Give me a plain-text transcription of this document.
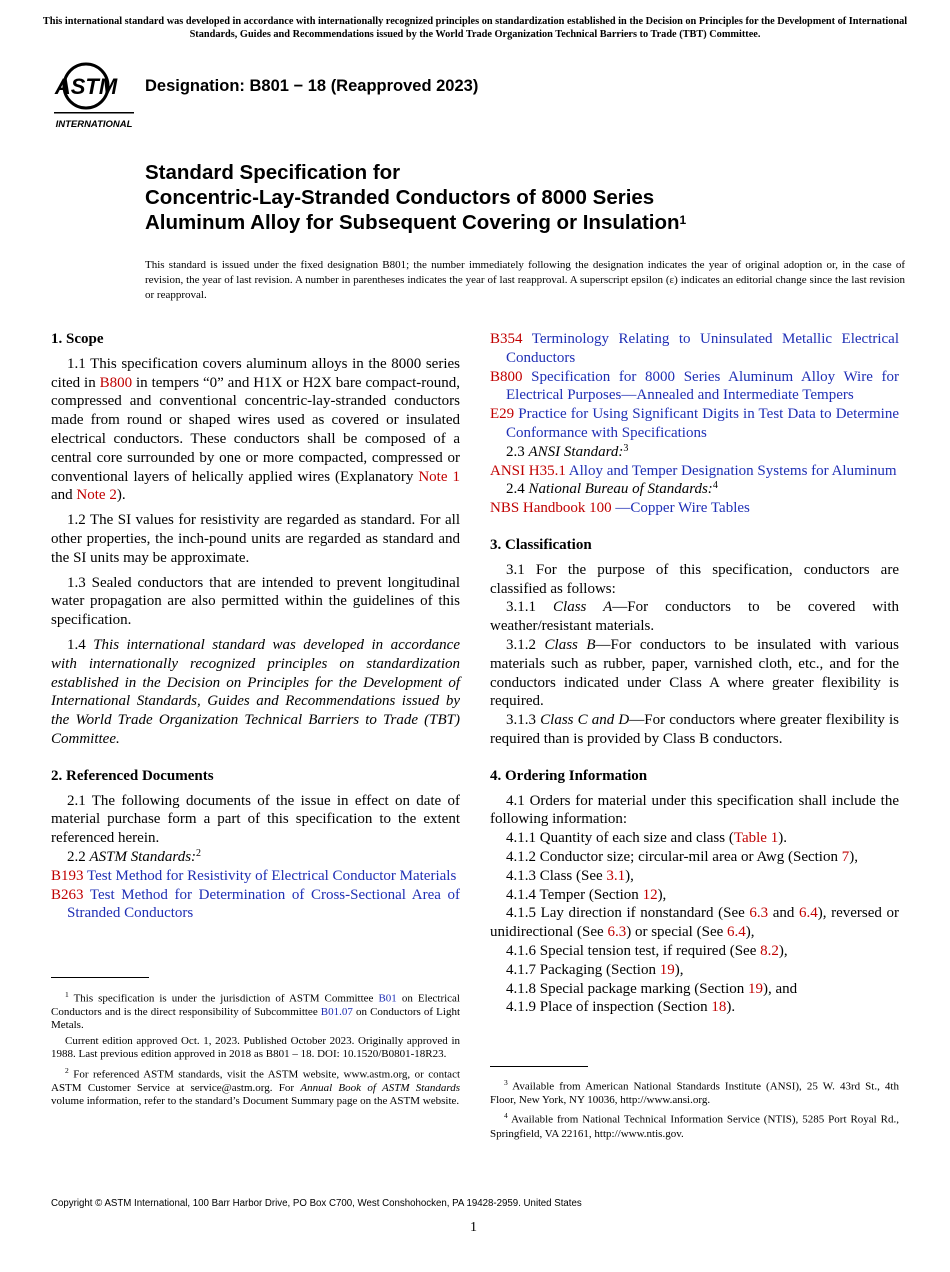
This international standard was developed in accordance with internationally recognized principles on standardization established in the Decision on Principles for the Development of International Standards, Guides and Recommendations issued by the World Trade Organization Technical Barriers to Trade (TBT) Committee.
ASTM
INTERNATIONAL
Designation: B801 − 18 (Reapproved 2023)
Standard Specification for
Concentric-Lay-Stranded Conductors of 8000 Series
Aluminum Alloy for Subsequent Covering or Insulation$^1$
This standard is issued under the fixed designation B801; the number immediately following the designation indicates the year of original adoption or, in the case of revision, the year of last revision. A number in parentheses indicates the year of last reapproval. A superscript epsilon (ε) indicates an editorial change since the last revision or reapproval.

1. Scope

1.1 This specification covers aluminum alloys in the 8000 series cited in B800 in tempers “0” and H1X or H2X bare compact-round, compressed and conventional concentric-lay-stranded conductors made from round or shaped wires used as covered or insulated electrical conductors. These conductors shall be composed of a central core surrounded by one or more compacted, compressed or conventional layers of helically applied wires (Explanatory Note 1 and Note 2).

1.2 The SI values for resistivity are regarded as standard. For all other properties, the inch-pound units are regarded as standard and the SI units may be approximate.

1.3 Sealed conductors that are intended to prevent longitudinal water propagation are also permitted within the guidelines of this specification.

1.4 This international standard was developed in accordance with internationally recognized principles on standardization established in the Decision on Principles for the Development of International Standards, Guides and Recommendations issued by the World Trade Organization Technical Barriers to Trade (TBT) Committee.

2. Referenced Documents

2.1 The following documents of the issue in effect on date of material purchase form a part of this specification to the extent referenced herein.

2.2 ASTM Standards:$^2$

B193 Test Method for Resistivity of Electrical Conductor Materials

B263 Test Method for Determination of Cross-Sectional Area of Stranded Conductors

$^1$ This specification is under the jurisdiction of ASTM Committee B01 on Electrical Conductors and is the direct responsibility of Subcommittee B01.07 on Conductors of Light Metals.

Current edition approved Oct. 1, 2023. Published October 2023. Originally approved in 1988. Last previous edition approved in 2018 as B801 – 18. DOI: 10.1520/B0801-18R23.

$^2$ For referenced ASTM standards, visit the ASTM website, www.astm.org, or contact ASTM Customer Service at service@astm.org. For Annual Book of ASTM Standards volume information, refer to the standard’s Document Summary page on the ASTM website.

B354 Terminology Relating to Uninsulated Metallic Electrical Conductors

B800 Specification for 8000 Series Aluminum Alloy Wire for Electrical Purposes—Annealed and Intermediate Tempers

E29 Practice for Using Significant Digits in Test Data to Determine Conformance with Specifications

2.3 ANSI Standard:$^3$

ANSI H35.1 Alloy and Temper Designation Systems for Aluminum

2.4 National Bureau of Standards:$^4$

NBS Handbook 100 —Copper Wire Tables

3. Classification

3.1 For the purpose of this specification, conductors are classified as follows:

3.1.1 Class A—For conductors to be covered with weather/resistant materials.

3.1.2 Class B—For conductors to be insulated with various materials such as rubber, paper, varnished cloth, etc., and for the conductors indicated under Class A where greater flexibility is required.

3.1.3 Class C and D—For conductors where greater flexibility is required than is provided by Class B conductors.

4. Ordering Information

4.1 Orders for material under this specification shall include the following information:

4.1.1 Quantity of each size and class (Table 1).

4.1.2 Conductor size; circular-mil area or Awg (Section 7),

4.1.3 Class (See 3.1),

4.1.4 Temper (Section 12),

4.1.5 Lay direction if nonstandard (See 6.3 and 6.4), reversed or unidirectional (See 6.3) or special (See 6.4),

4.1.6 Special tension test, if required (See 8.2),

4.1.7 Packaging (Section 19),

4.1.8 Special package marking (Section 19), and

4.1.9 Place of inspection (Section 18).

$^3$ Available from American National Standards Institute (ANSI), 25 W. 43rd St., 4th Floor, New York, NY 10036, http://www.ansi.org.

$^4$ Available from National Technical Information Service (NTIS), 5285 Port Royal Rd., Springfield, VA 22161, http://www.ntis.gov.

Copyright © ASTM International, 100 Barr Harbor Drive, PO Box C700, West Conshohocken, PA 19428-2959. United States
1
